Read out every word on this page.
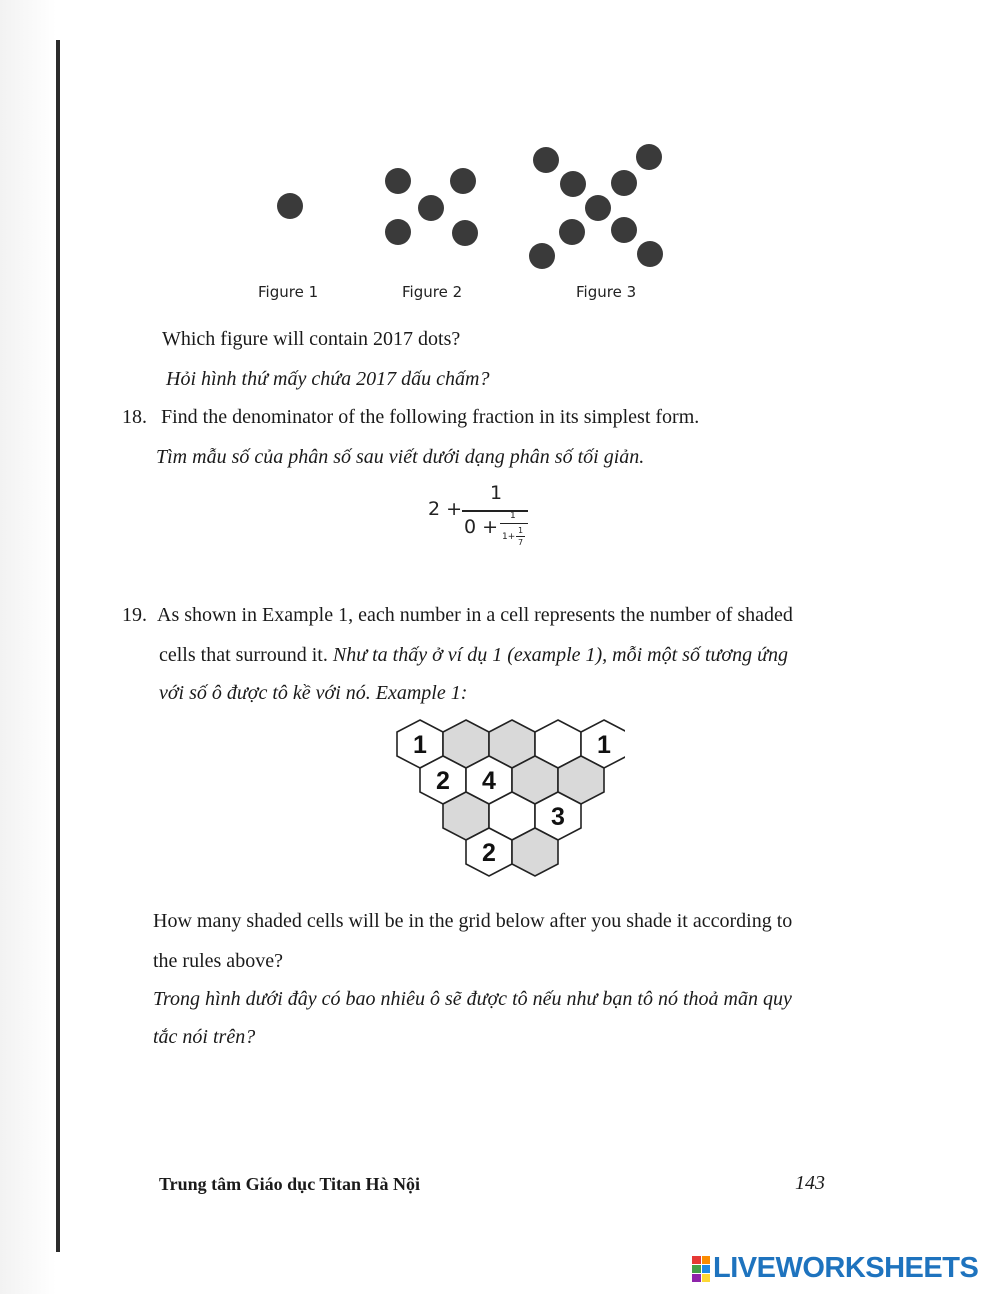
Figure 1	Figure 2	Figure 3
Which figure will contain 2017 dots?
Hỏi hình thứ mấy chứa 2017 dấu chấm?
18. Find the denominator of the following fraction in its simplest form.
Tìm mẫu số của phân số sau viết dưới dạng phân số tối giản.
2 +
1
0 + 1
1+
1
7
19. As shown in Example 1, each number in a cell represents the number of shaded
cells that surround it. Như ta thấy ở ví dụ 1 (example 1), mỗi một số tương ứng
với số ô được tô kề với nó. Example 1:
1	1
2 4
3
2
How many shaded cells will be in the grid below after you shade it according to
the rules above?
Trong hình dưới đây có bao nhiêu ô sẽ được tô nếu như bạn tô nó thoả mãn quy
tắc nói trên?
Trung tâm Giáo dục Titan Hà Nội	143
LIVEWORKSHEETS
